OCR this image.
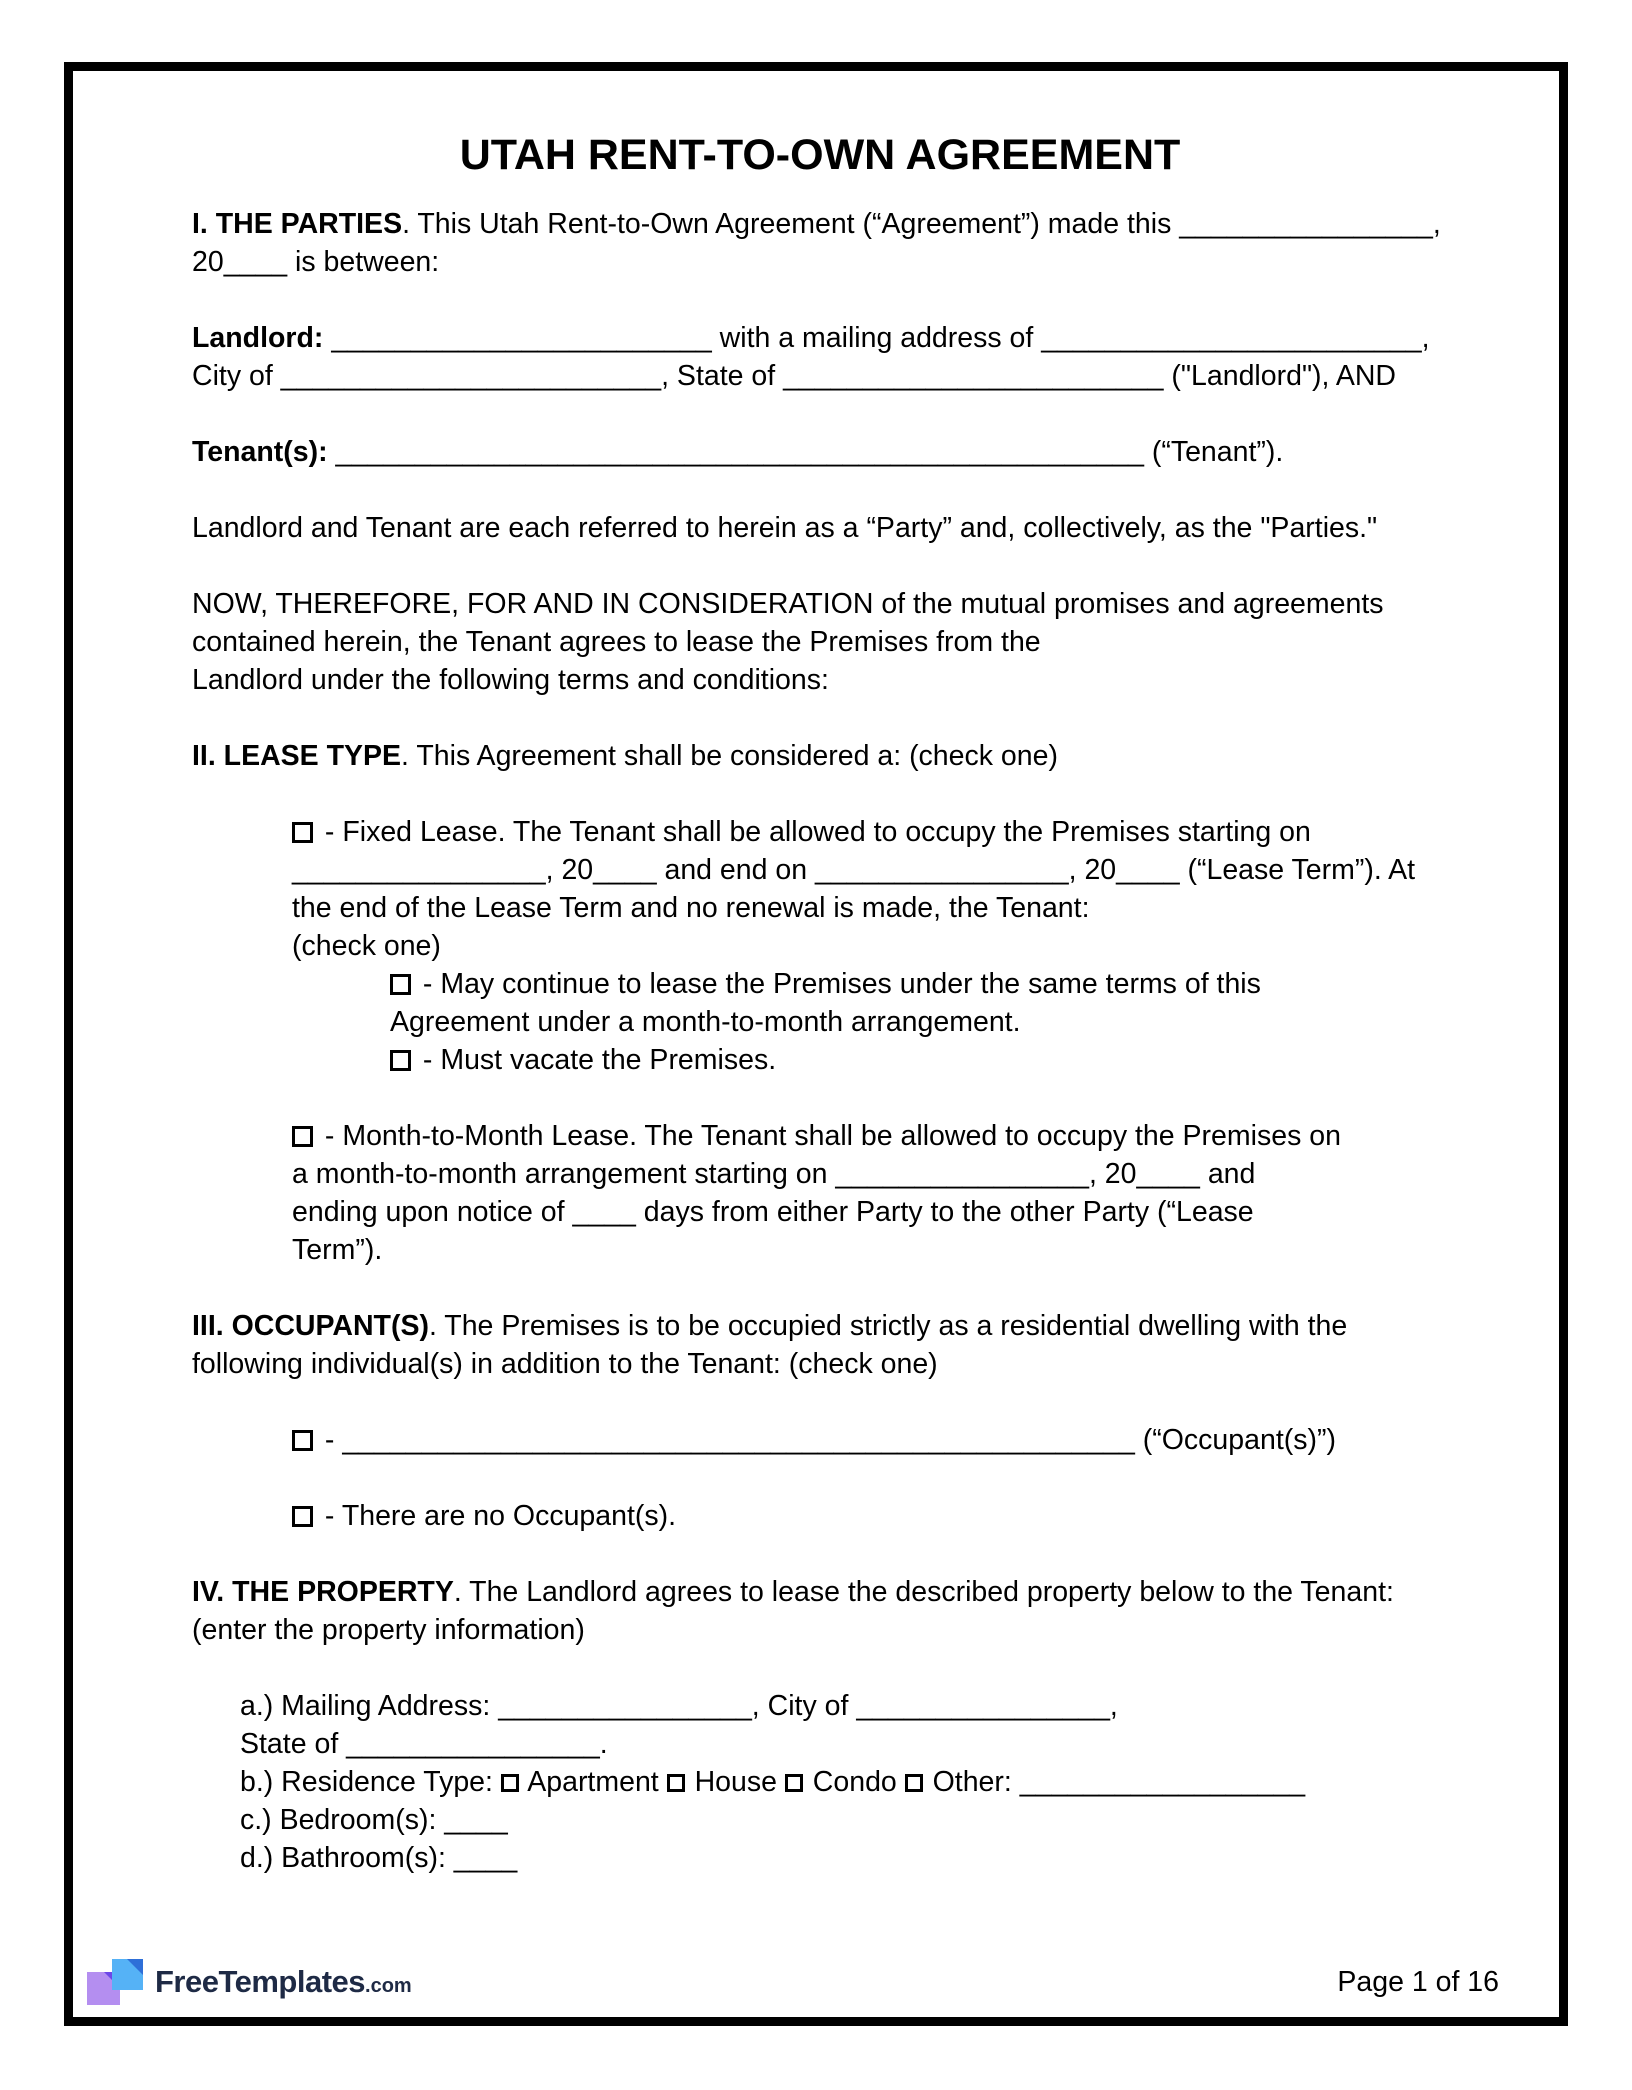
UTAH RENT-TO-OWN AGREEMENT

I. THE PARTIES. This Utah Rent-to-Own Agreement (“Agreement”) made this ________________, 20____ is between:

Landlord: ________________________ with a mailing address of ________________________, City of ________________________, State of ________________________ ("Landlord"), AND

Tenant(s): ___________________________________________________ (“Tenant”).

Landlord and Tenant are each referred to herein as a “Party” and, collectively, as the "Parties."

NOW, THEREFORE, FOR AND IN CONSIDERATION of the mutual promises and agreements contained herein, the Tenant agrees to lease the Premises from the
Landlord under the following terms and conditions:

II. LEASE TYPE. This Agreement shall be considered a: (check one)

- Fixed Lease. The Tenant shall be allowed to occupy the Premises starting on ________________, 20____ and end on ________________, 20____ (“Lease Term”). At the end of the Lease Term and no renewal is made, the Tenant:
(check one)
- May continue to lease the Premises under the same terms of this Agreement under a month-to-month arrangement.
- Must vacate the Premises.
- Month-to-Month Lease. The Tenant shall be allowed to occupy the Premises on a month-to-month arrangement starting on ________________, 20____ and ending upon notice of ____ days from either Party to the other Party (“Lease Term”).

III. OCCUPANT(S). The Premises is to be occupied strictly as a residential dwelling with the following individual(s) in addition to the Tenant: (check one)

- __________________________________________________ (“Occupant(s)”)
- There are no Occupant(s).

IV. THE PROPERTY. The Landlord agrees to lease the described property below to the Tenant: (enter the property information)

a.) Mailing Address: ________________, City of ________________,
State of ________________.
b.) Residence Type: Apartment House Condo Other: __________________
c.) Bedroom(s): ____
d.) Bathroom(s): ____
FreeTemplates .com	Page 1 of 16
